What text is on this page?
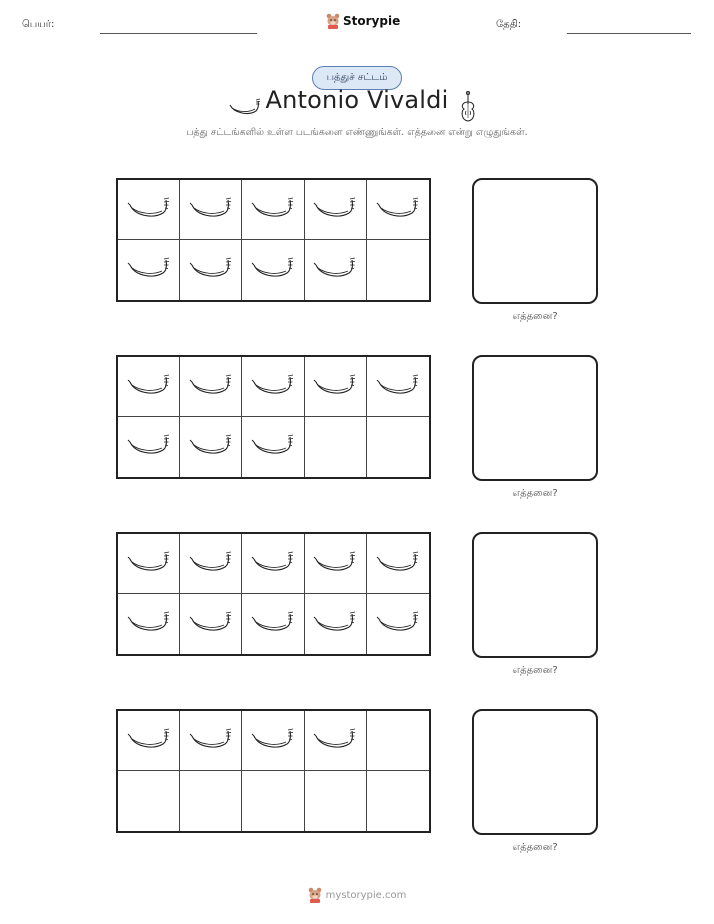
பெயர்:	Storypie	தேதி:
பத்துச் சட்டம்
Antonio Vivaldi
பத்து சட்டங்களில் உள்ள படங்களை எண்ணுங்கள். எத்தனை என்று எழுதுங்கள்.
எத்தனை?
எத்தனை?
எத்தனை?
எத்தனை?
mystorypie.com
